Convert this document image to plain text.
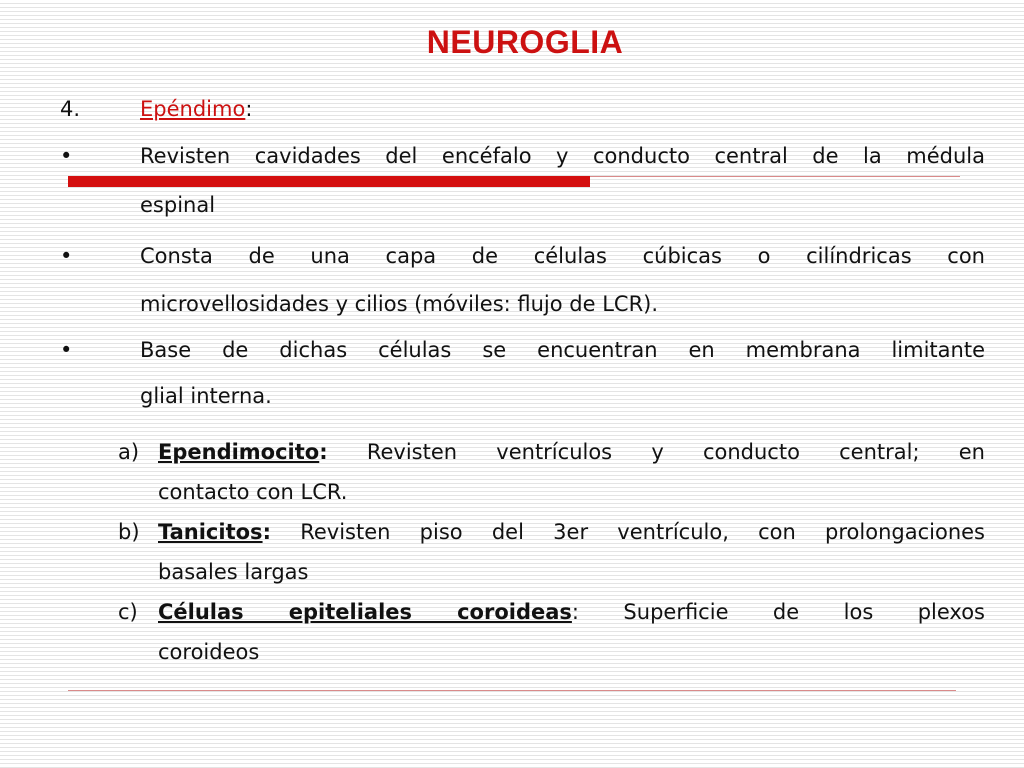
NEUROGLIA
4.	Epéndimo:
•	Revisten cavidades del encéfalo y conducto central de la médula
espinal
•	Consta de una capa de células cúbicas o cilíndricas con
microvellosidades y cilios (móviles: flujo de LCR).
•	Base de dichas células se encuentran en membrana limitante
glial interna.
a) Ependimocito: Revisten ventrículos y conducto central; en
contacto con LCR.
b) Tanicitos: Revisten piso del 3er ventrículo, con prolongaciones
basales largas
c) Células epiteliales coroideas: Superficie de los plexos
coroideos
